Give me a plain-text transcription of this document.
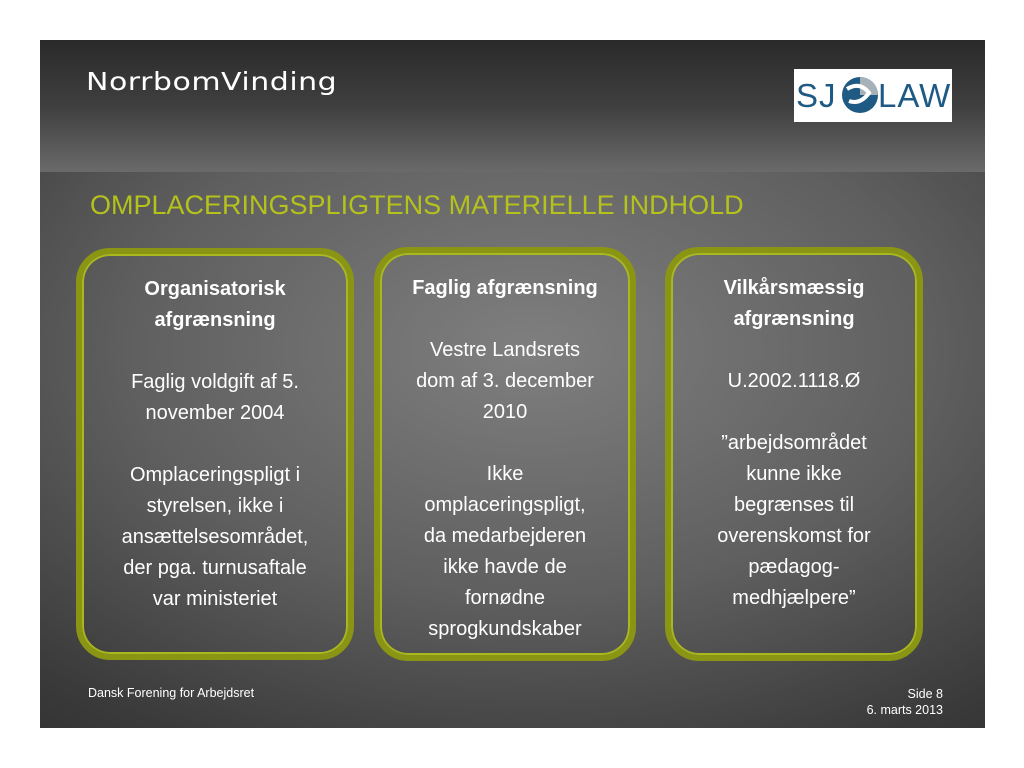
NorrbomVinding	SJ LAW
OMPLACERINGSPLIGTENS MATERIELLE INDHOLD
Organisatorisk
afgrænsning
Faglig voldgift af 5.
november 2004
Omplaceringspligt i
styrelsen, ikke i
ansættelsesområdet,
der pga. turnusaftale
var ministeriet
Faglig afgrænsning
Vestre Landsrets
dom af 3. december
2010
Ikke
omplaceringspligt,
da medarbejderen
ikke havde de
fornødne
sprogkundskaber
Vilkårsmæssig
afgrænsning
U.2002.1118.Ø
”arbejdsområdet
kunne ikke
begrænses til
overenskomst for
pædagog-
medhjælpere”
Dansk Forening for Arbejdsret	Side 8
6. marts 2013
